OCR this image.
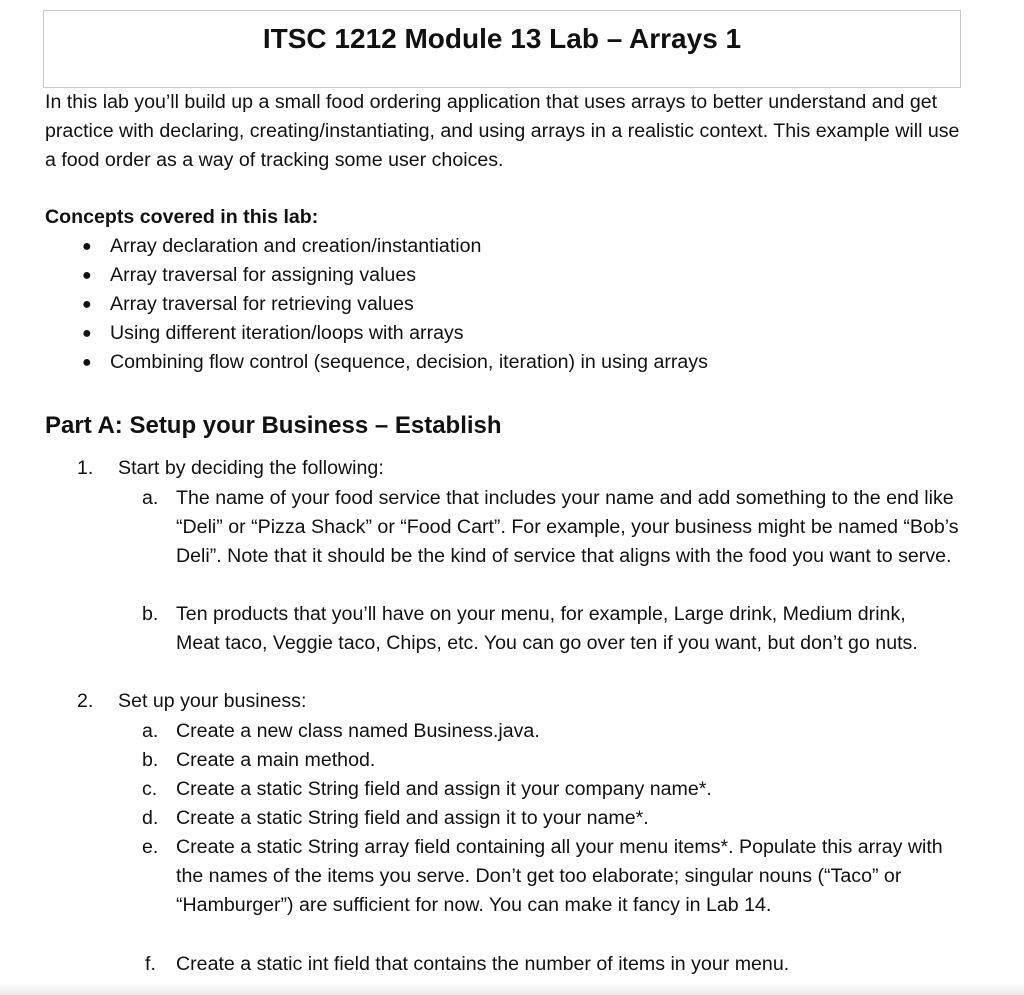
ITSC 1212 Module 13 Lab – Arrays 1

In this lab you’ll build up a small food ordering application that uses arrays to better understand and get practice with declaring, creating/instantiating, and using arrays in a realistic context. This example will use a food order as a way of tracking some user choices.

Concepts covered in this lab:

● Array declaration and creation/instantiation
● Array traversal for assigning values
● Array traversal for retrieving values
● Using different iteration/loops with arrays
● Combining flow control (sequence, decision, iteration) in using arrays
Part A: Setup your Business – Establish
1. Start by deciding the following:

a. The name of your food service that includes your name and add something to the end like “Deli” or “Pizza Shack” or “Food Cart”. For example, your business might be named “Bob’s Deli”. Note that it should be the kind of service that aligns with the food you want to serve.

b. Ten products that you’ll have on your menu, for example, Large drink, Medium drink, Meat taco, Veggie taco, Chips, etc. You can go over ten if you want, but don’t go nuts.

2. Set up your business:

a. Create a new class named Business.java.

b. Create a main method.

c. Create a static String field and assign it your company name*.

d. Create a static String field and assign it to your name*.

e. Create a static String array field containing all your menu items*. Populate this array with the names of the items you serve. Don’t get too elaborate; singular nouns (“Taco” or “Hamburger”) are sufficient for now. You can make it fancy in Lab 14.

f. Create a static int field that contains the number of items in your menu.
